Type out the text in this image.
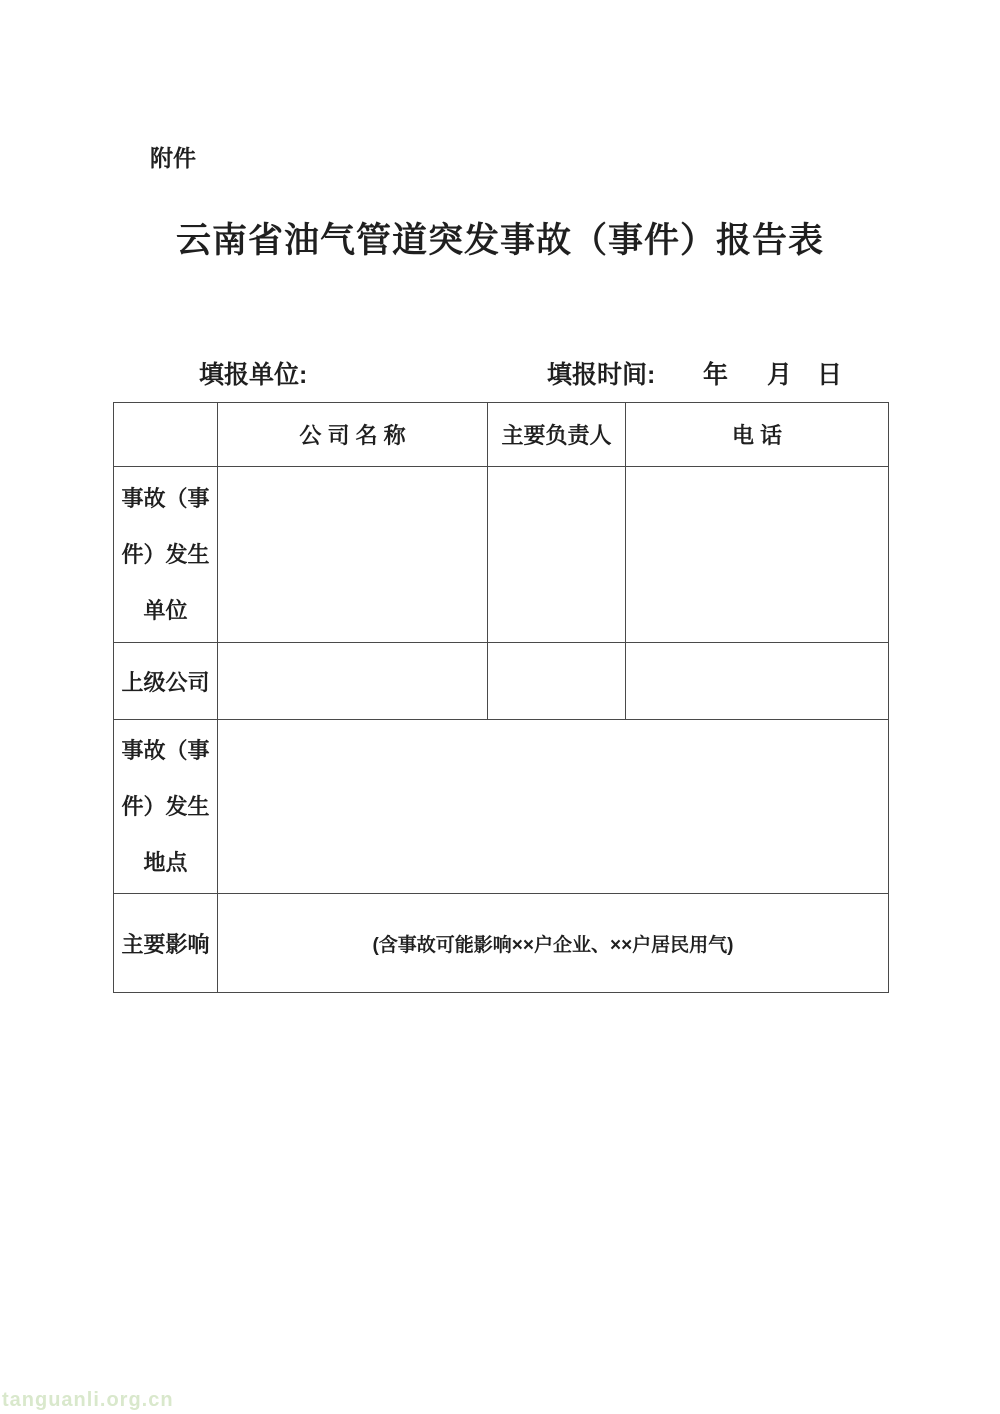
附件
云南省油气管道突发事故（事件）报告表
填报单位:	填报时间: 年 月 日
	公 司 名 称	主要负责人	电 话

事故（事
件）发生
单位			

上级公司			

事故（事
件）发生
地点			

主要影响	(含事故可能影响××户企业、××户居民用气)		
tanguanli.org.cn
